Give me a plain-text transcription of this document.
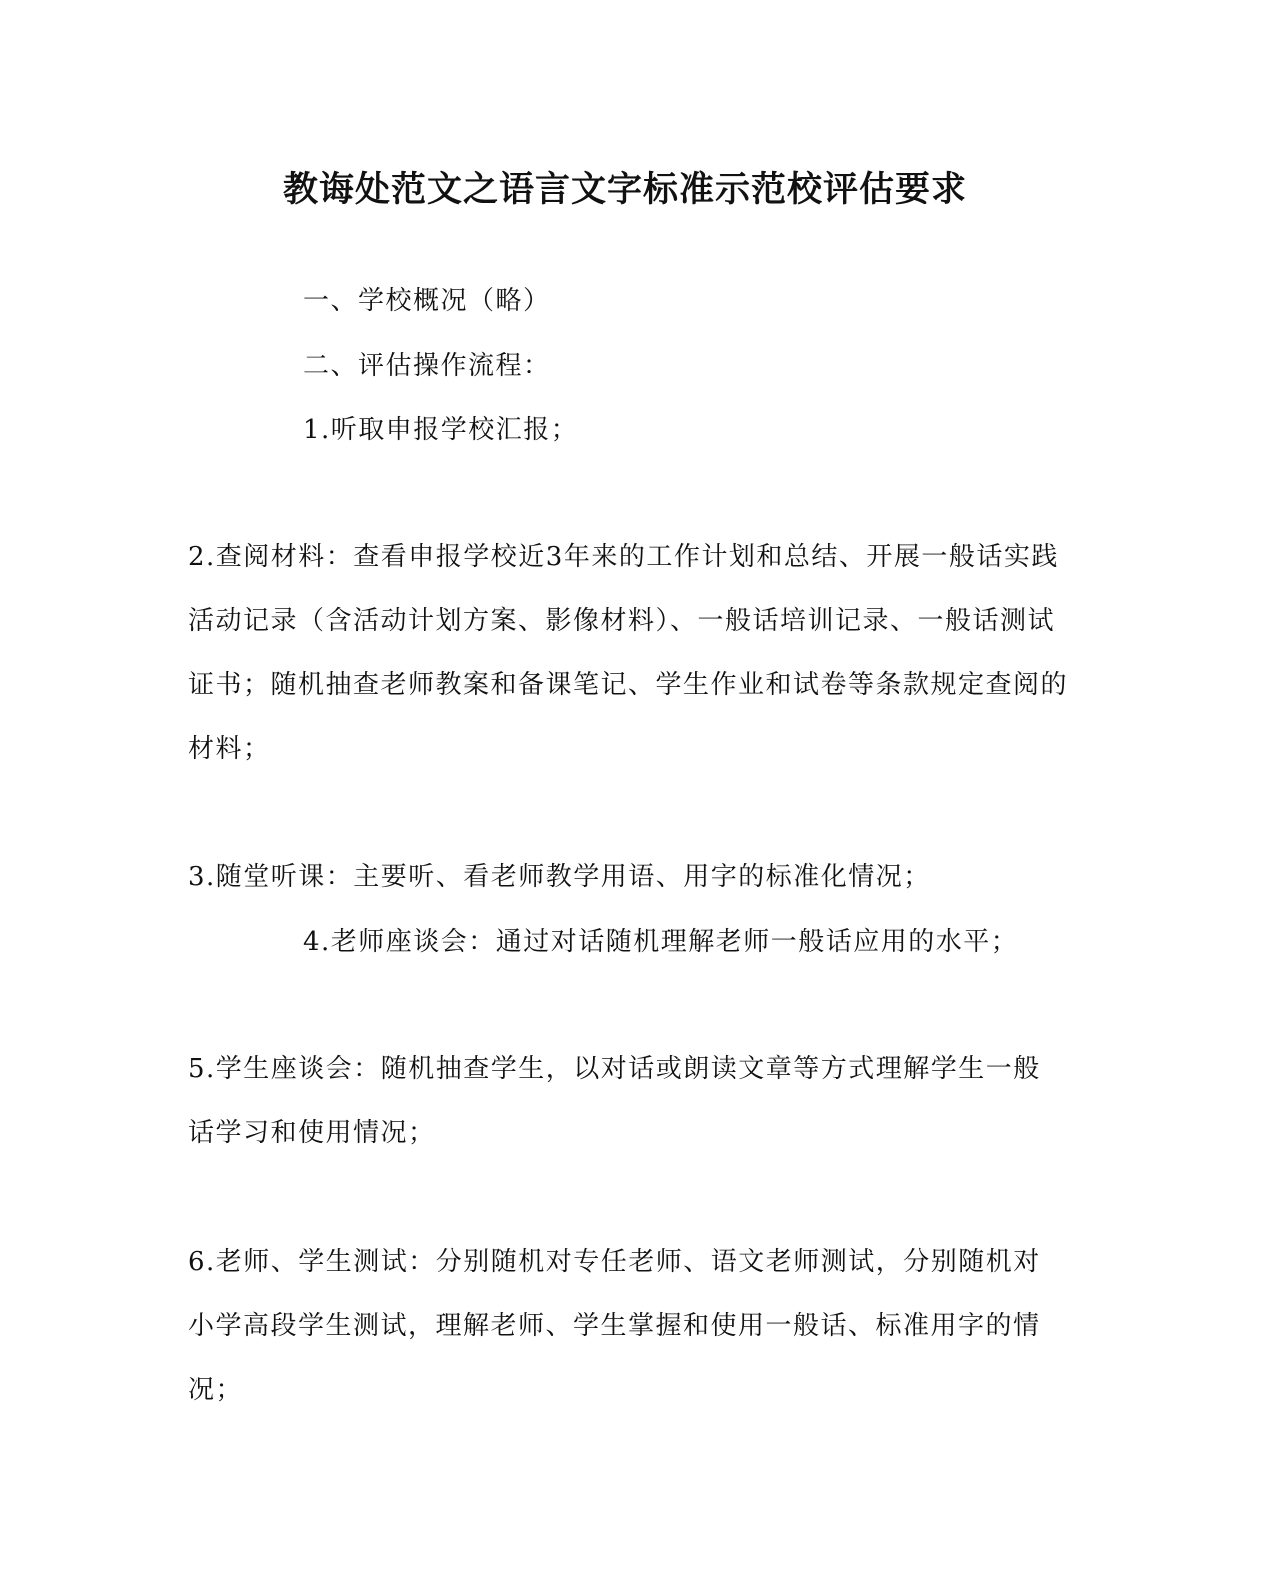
教诲处范文之语言文字标准示范校评估要求

一、学校概况（略）

二、评估操作流程：

1.听取申报学校汇报；

2.查阅材料：查看申报学校近3年来的工作计划和总结、开展一般话实践活动记录（含活动计划方案、影像材料）、一般话培训记录、一般话测试证书；随机抽查老师教案和备课笔记、学生作业和试卷等条款规定查阅的材料；

3.随堂听课：主要听、看老师教学用语、用字的标准化情况；

4.老师座谈会：通过对话随机理解老师一般话应用的水平；

5.学生座谈会：随机抽查学生，以对话或朗读文章等方式理解学生一般话学习和使用情况；

6.老师、学生测试：分别随机对专任老师、语文老师测试，分别随机对小学高段学生测试，理解老师、学生掌握和使用一般话、标准用字的情况；
